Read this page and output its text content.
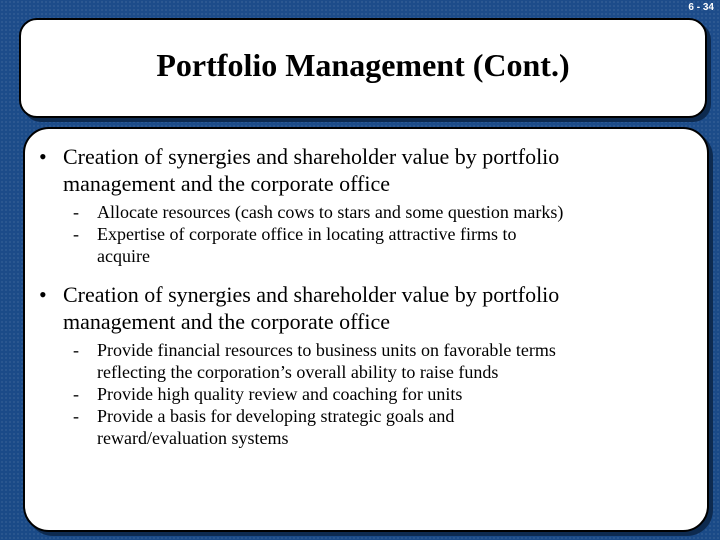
6 - 34
Portfolio Management (Cont.)
• Creation of synergies and shareholder value by portfolio
management and the corporate office
- Allocate resources (cash cows to stars and some question marks)
- Expertise of corporate office in locating attractive firms to
acquire
• Creation of synergies and shareholder value by portfolio
management and the corporate office
- Provide financial resources to business units on favorable terms
reflecting the corporation’s overall ability to raise funds
- Provide high quality review and coaching for units
- Provide a basis for developing strategic goals and
reward/evaluation systems
